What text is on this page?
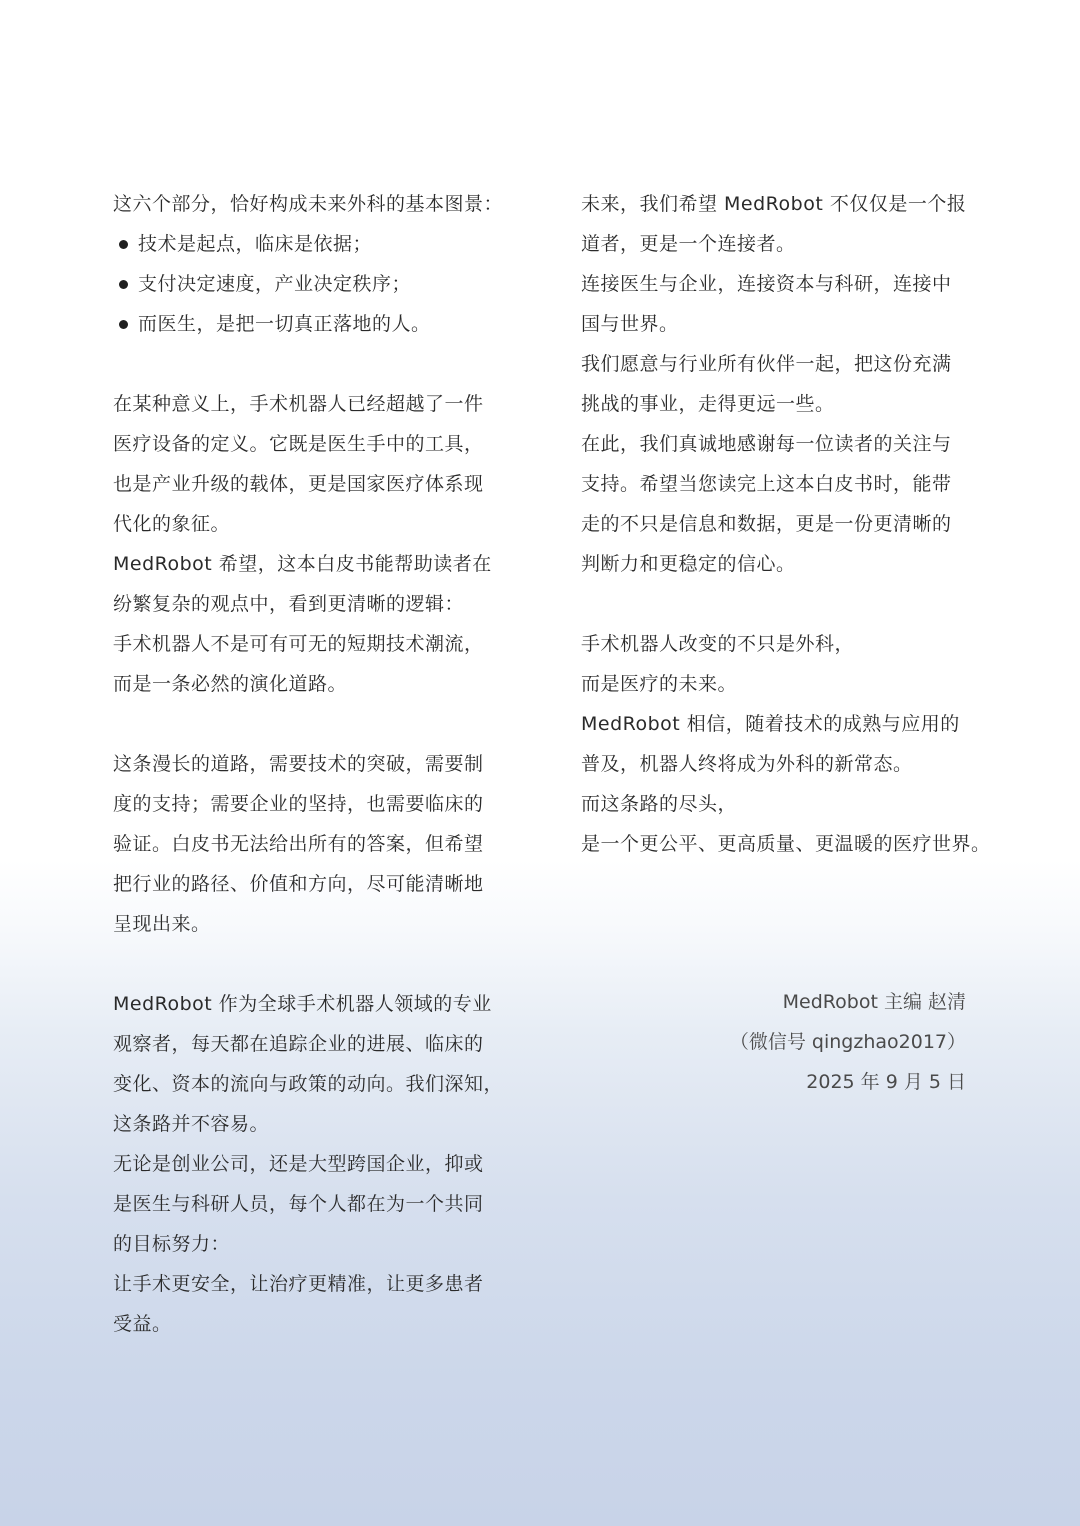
这六个部分，恰好构成未来外科的基本图景：
技术是起点，临床是依据；
支付决定速度，产业决定秩序；
而医生，是把一切真正落地的人。
在某种意义上，手术机器人已经超越了一件
医疗设备的定义。它既是医生手中的工具，
也是产业升级的载体，更是国家医疗体系现
代化的象征。
MedRobot 希望，这本白皮书能帮助读者在
纷繁复杂的观点中，看到更清晰的逻辑：
手术机器人不是可有可无的短期技术潮流，
而是一条必然的演化道路。
这条漫长的道路，需要技术的突破，需要制
度的支持；需要企业的坚持，也需要临床的
验证。白皮书无法给出所有的答案，但希望
把行业的路径、价值和方向，尽可能清晰地
呈现出来。
MedRobot 作为全球手术机器人领域的专业
观察者，每天都在追踪企业的进展、临床的
变化、资本的流向与政策的动向。我们深知，
这条路并不容易。
无论是创业公司，还是大型跨国企业，抑或
是医生与科研人员，每个人都在为一个共同
的目标努力：
让手术更安全，让治疗更精准，让更多患者
受益。
未来，我们希望 MedRobot 不仅仅是一个报
道者，更是一个连接者。
连接医生与企业，连接资本与科研，连接中
国与世界。
我们愿意与行业所有伙伴一起，把这份充满
挑战的事业，走得更远一些。
在此，我们真诚地感谢每一位读者的关注与
支持。希望当您读完上这本白皮书时，能带
走的不只是信息和数据，更是一份更清晰的
判断力和更稳定的信心。
手术机器人改变的不只是外科，
而是医疗的未来。
MedRobot 相信，随着技术的成熟与应用的
普及，机器人终将成为外科的新常态。
而这条路的尽头，
是一个更公平、更高质量、更温暖的医疗世界。
MedRobot 主编 赵清
（微信号 qingzhao2017）
2025 年 9 月 5 日
